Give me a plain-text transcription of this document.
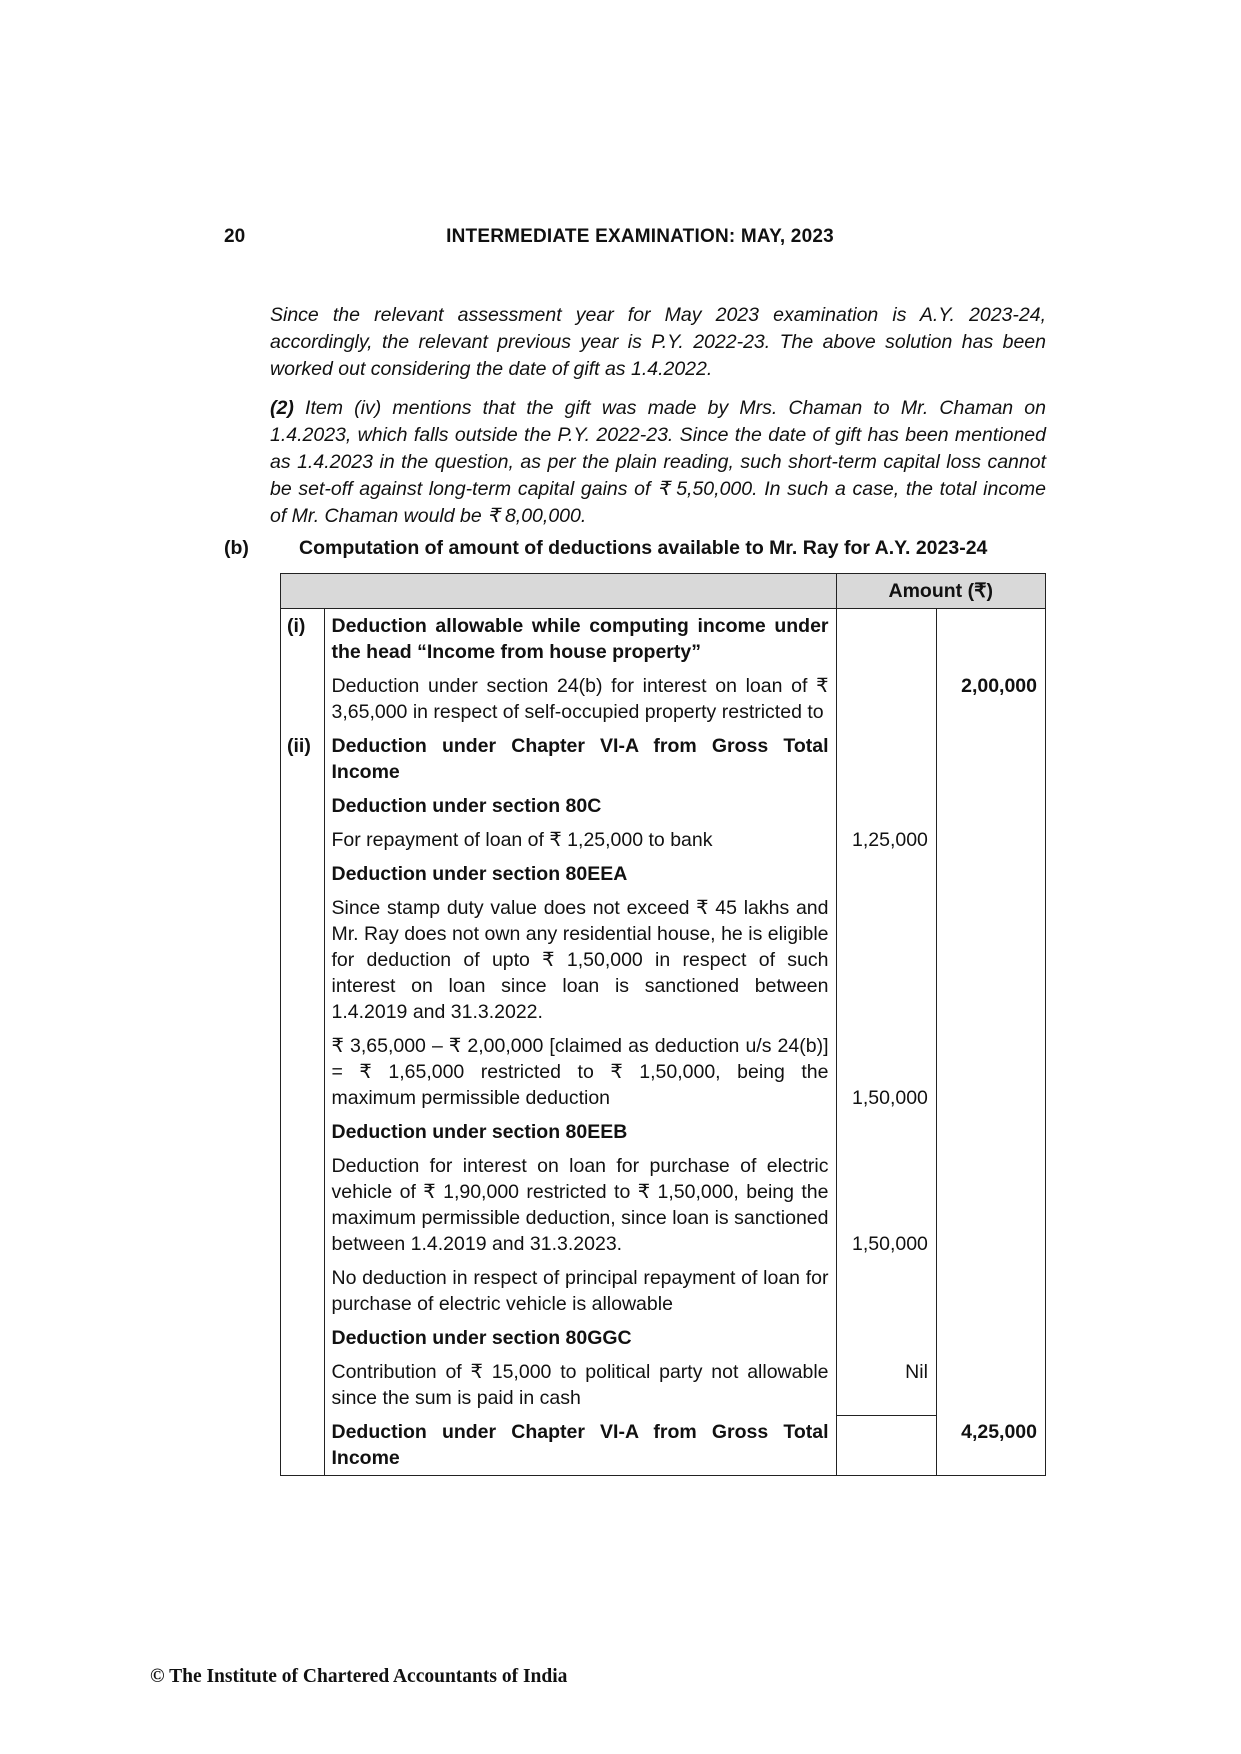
20	INTERMEDIATE EXAMINATION: MAY, 2023

Since the relevant assessment year for May 2023 examination is A.Y. 2023-24, accordingly, the relevant previous year is P.Y. 2022-23. The above solution has been worked out considering the date of gift as 1.4.2022.

(2) Item (iv) mentions that the gift was made by Mrs. Chaman to Mr. Chaman on 1.4.2023, which falls outside the P.Y. 2022-23. Since the date of gift has been mentioned as 1.4.2023 in the question, as per the plain reading, such short-term capital loss cannot be set-off against long-term capital gains of ₹ 5,50,000. In such a case, the total income of Mr. Chaman would be ₹ 8,00,000.

(b)	Computation of amount of deductions available to Mr. Ray for A.Y. 2023-24
		Amount (₹)	
(i)	Deduction allowable while computing income under the head “Income from house property”		
	Deduction under section 24(b) for interest on loan of ₹ 3,65,000 in respect of self-occupied property restricted to		2,00,000
(ii)	Deduction under Chapter VI-A from Gross Total Income		
	Deduction under section 80C		
	For repayment of loan of ₹ 1,25,000 to bank	1,25,000	
	Deduction under section 80EEA		
	Since stamp duty value does not exceed ₹ 45 lakhs and Mr. Ray does not own any residential house, he is eligible for deduction of upto ₹ 1,50,000 in respect of such interest on loan since loan is sanctioned between 1.4.2019 and 31.3.2022.		
	₹ 3,65,000 – ₹ 2,00,000 [claimed as deduction u/s 24(b)] = ₹ 1,65,000 restricted to ₹ 1,50,000, being the maximum permissible deduction	1,50,000	
	Deduction under section 80EEB		
	Deduction for interest on loan for purchase of electric vehicle of ₹ 1,90,000 restricted to ₹ 1,50,000, being the maximum permissible deduction, since loan is sanctioned between 1.4.2019 and 31.3.2023.	1,50,000	
	No deduction in respect of principal repayment of loan for purchase of electric vehicle is allowable		
	Deduction under section 80GGC		
	Contribution of ₹ 15,000 to political party not allowable since the sum is paid in cash	Nil	
	Deduction under Chapter VI-A from Gross Total Income		4,25,000
© The Institute of Chartered Accountants of India
